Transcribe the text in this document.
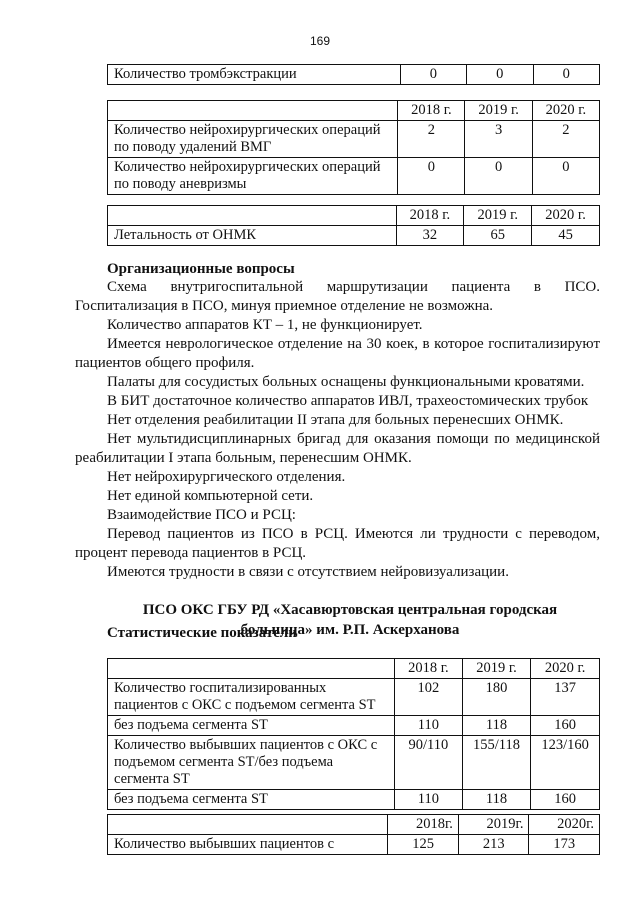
169
Количество тромбэкстракции	0	0	0
	2018 г.	2019 г.	2020 г.
Количество нейрохирургических операций по поводу удалений ВМГ	2	3	2
Количество нейрохирургических операций по поводу аневризмы	0	0	0
	2018 г.	2019 г.	2020 г.
Летальность от ОНМК	32	65	45
Организационные вопросы
Схема внутригоспитальной маршрутизации пациента в ПСО. Госпитализация в ПСО, минуя приемное отделение не возможна.
Количество аппаратов КТ – 1, не функционирует.
Имеется неврологическое отделение на 30 коек, в которое госпитализируют пациентов общего профиля.
Палаты для сосудистых больных оснащены функциональными кроватями.
В БИТ достаточное количество аппаратов ИВЛ, трахеостомических трубок
Нет отделения реабилитации II этапа для больных перенесших ОНМК.
Нет мультидисциплинарных бригад для оказания помощи по медицинской реабилитации I этапа больным, перенесшим ОНМК.
Нет нейрохирургического отделения.
Нет единой компьютерной сети.
Взаимодействие ПСО и РСЦ:
Перевод пациентов из ПСО в РСЦ. Имеются ли трудности с переводом, процент перевода пациентов в РСЦ.
Имеются трудности в связи с отсутствием нейровизуализации.
ПСО ОКС ГБУ РД «Хасавюртовская центральная городская
больница» им. Р.П. Аскерханова
Статистические показатели
	2018 г.	2019 г.	2020 г.
Количество госпитализированных пациентов с ОКС с подъемом сегмента ST	102	180	137
без подъема сегмента ST	110	118	160
Количество выбывших пациентов с ОКС с подъемом сегмента ST/без подъема сегмента ST	90/110	155/118	123/160
без подъема сегмента ST	110	118	160
	2018г.	2019г.	2020г.
Количество выбывших пациентов с	125	213	173
